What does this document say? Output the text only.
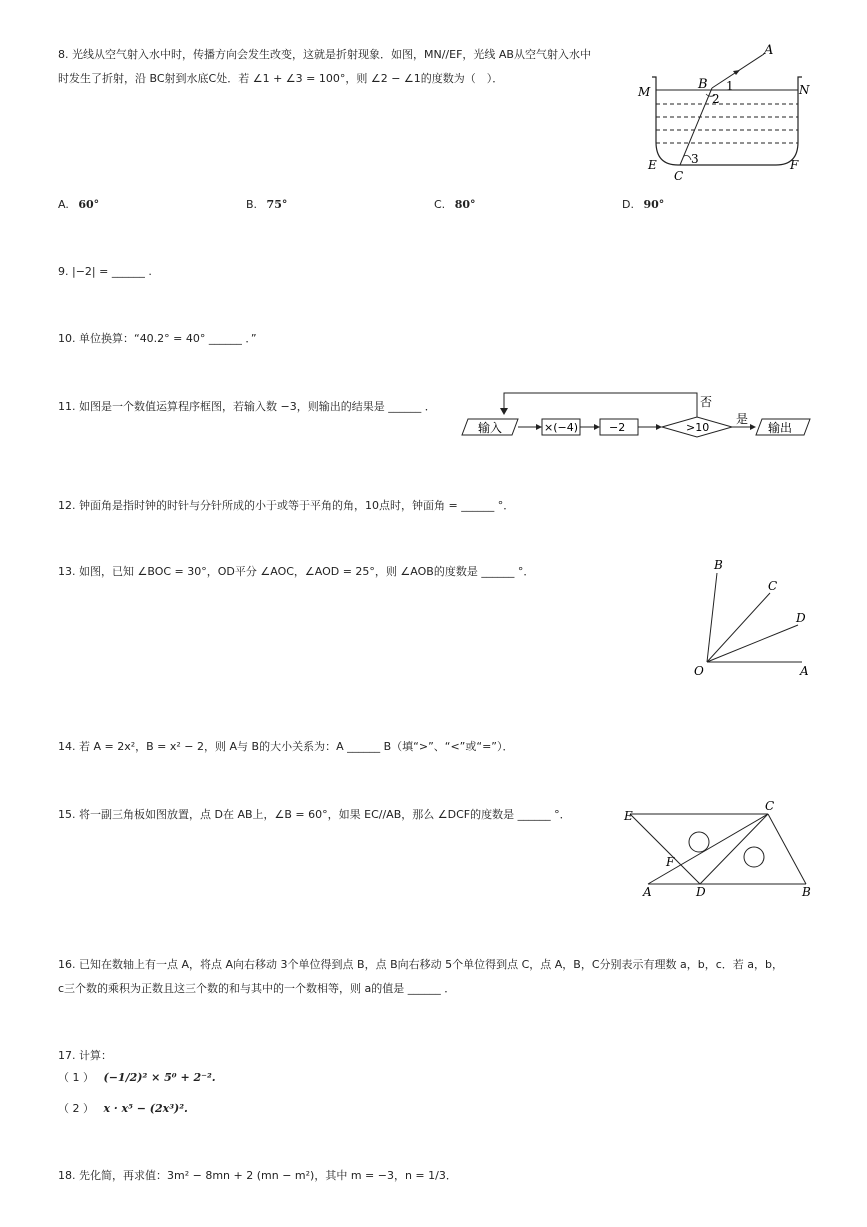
8. 光线从空气射入水中时，传播方向会发生改变，这就是折射现象．如图，MN//EF，光线 AB从空气射入水中
时发生了折射，沿 BC射到水底C处．若 ∠1 + ∠3 = 100°，则 ∠2 − ∠1的度数为（　）．
A
B 1
2
M	N
E	F
C
3
A. 60°	B. 75°	C. 80°	D. 90°
9. |−2| = ______ .
10. 单位换算：“40.2° = 40° ______ ．”
11. 如图是一个数值运算程序框图，若输入数 −3，则输出的结果是 ______ ．
输入	×(−4)	−2	>10
否
是
输出
12. 钟面角是指时钟的时针与分针所成的小于或等于平角的角，10点时，钟面角 = ______ °．
13. 如图，已知 ∠BOC = 30°，OD平分 ∠AOC，∠AOD = 25°，则 ∠AOB的度数是 ______ °．	B
C
D
O	A
14. 若 A = 2x²，B = x² − 2，则 A与 B的大小关系为：A ______ B（填“>”、“<”或“=”）．
15. 将一副三角板如图放置，点 D在 AB上，∠B = 60°，如果 EC//AB，那么 ∠DCF的度数是 ______ °．	E
C
F
A	D	B
16. 已知在数轴上有一点 A，将点 A向右移动 3个单位得到点 B，点 B向右移动 5个单位得到点 C，点 A，B，C分别表示有理数 a，b，c．若 a，b，
c三个数的乘积为正数且这三个数的和与其中的一个数相等，则 a的值是 ______ ．
17. 计算：
（ 1 ） (−1/2)² × 5⁰ + 2⁻².
（ 2 ） x · x⁵ − (2x³)².
18. 先化简，再求值：3m² − 8mn + 2 (mn − m²)，其中 m = −3，n = 1/3．
